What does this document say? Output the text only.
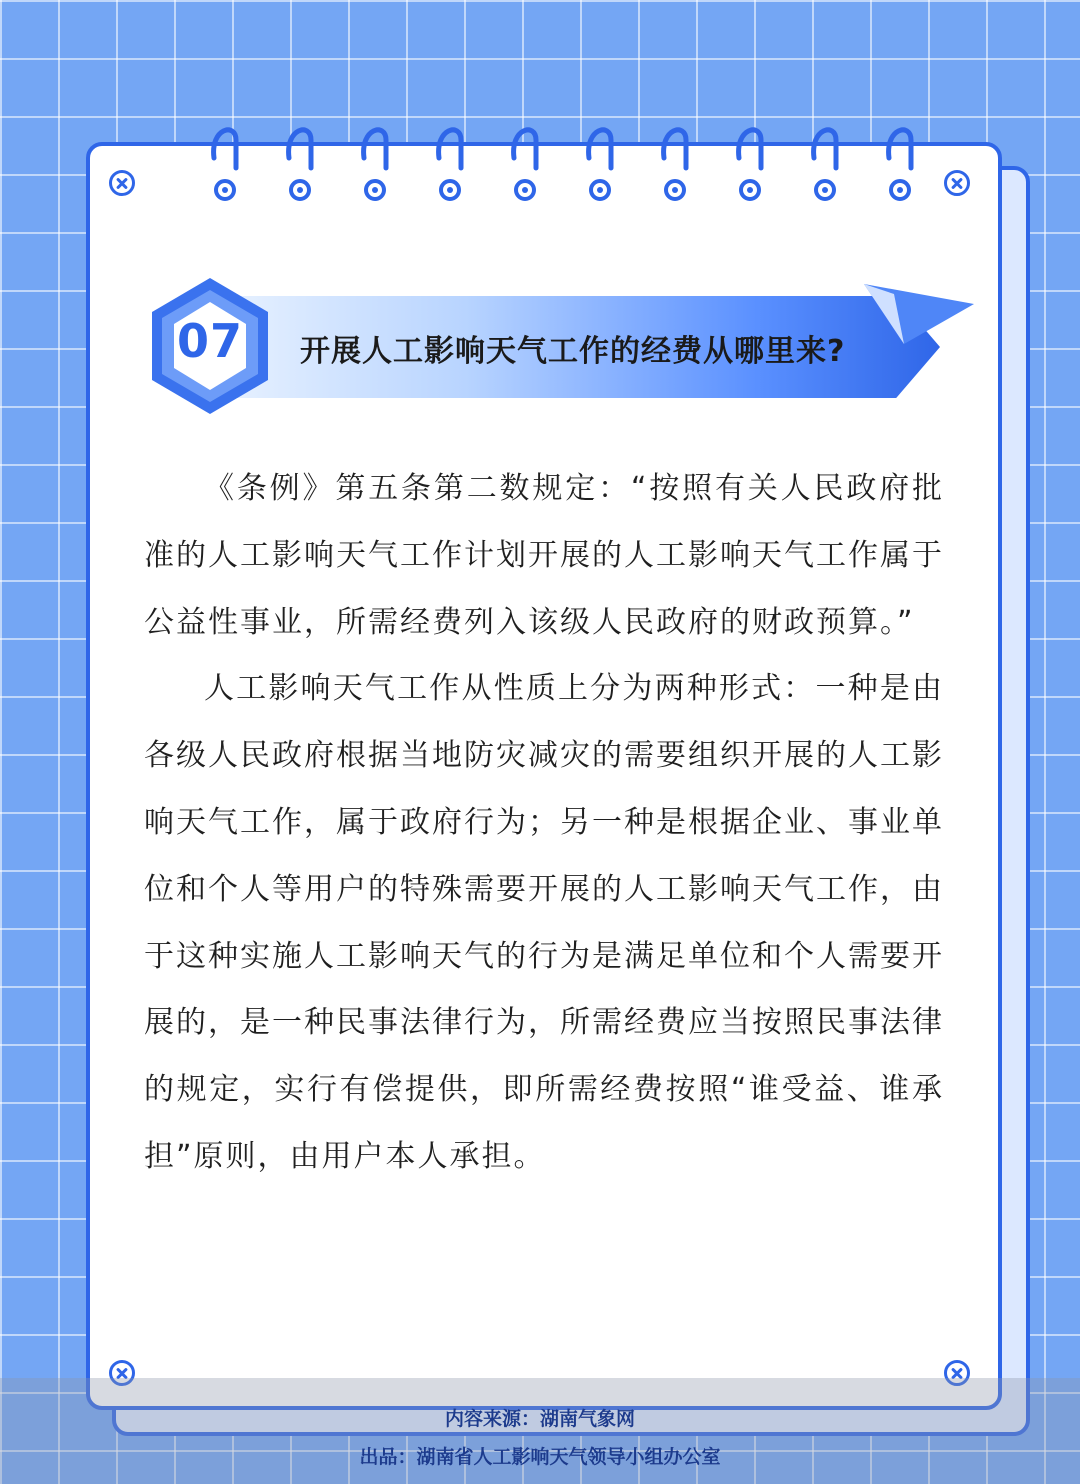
07	开展人工影响天气工作的经费从哪里来?

《条例》第五条第二数规定：“按照有关人民政府批准的人工影响天气工作计划开展的人工影响天气工作属于公益性事业，所需经费列入该级人民政府的财政预算。”

人工影响天气工作从性质上分为两种形式：一种是由各级人民政府根据当地防灾减灾的需要组织开展的人工影响天气工作，属于政府行为；另一种是根据企业、事业单位和个人等用户的特殊需要开展的人工影响天气工作，由于这种实施人工影响天气的行为是满足单位和个人需要开展的，是一种民事法律行为，所需经费应当按照民事法律的规定，实行有偿提供，即所需经费按照“谁受益、谁承担”原则，由用户本人承担。

内容来源：湖南气象网
出品：湖南省人工影响天气领导小组办公室
